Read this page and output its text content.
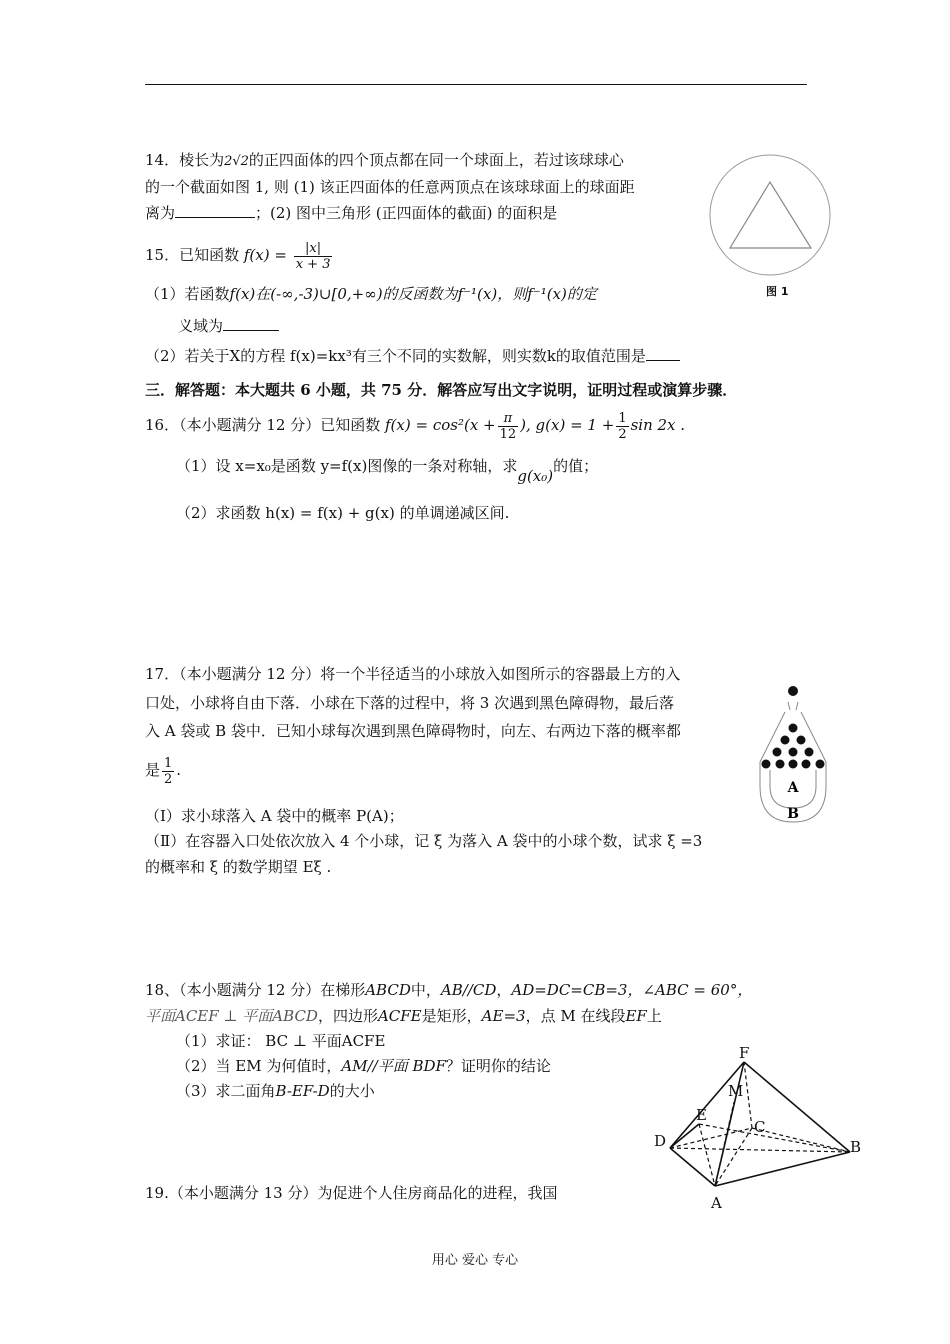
14．棱长为2√2的正四面体的四个顶点都在同一个球面上，若过该球球心
的一个截面如图 1, 则 (1) 该正四面体的任意两顶点在该球球面上的球面距
离为	；(2) 图中三角形 (正四面体的截面) 的面积是
图 1
15．已知函数 $f(x) = \frac{|x|}{x + 3}$
（1）若函数f(x)在(-∞,-3)∪[0,+∞)的反函数为f⁻¹(x)，则f⁻¹(x)的定
义域为
（2）若关于X的方程 f(x)=kx³有三个不同的实数解，则实数k的取值范围是
三．解答题：本大题共 6 小题，共 75 分．解答应写出文字说明，证明过程或演算步骤．
16．（本小题满分 12 分）已知函数 $f(x) = \cos^2(x + \frac{\pi}{12}$ ), $g(x) = 1 + \frac{1}{2}$ sin 2x .
（1）设 x=x₀是函数 y=f(x)图像的一条对称轴，求g(x₀)的值；
（2）求函数 h(x) = f(x) + g(x) 的单调递减区间.
17．（本小题满分 12 分）将一个半径适当的小球放入如图所示的容器最上方的入
口处，小球将自由下落．小球在下落的过程中，将 3 次遇到黑色障碍物，最后落
入 A 袋或 B 袋中．已知小球每次遇到黑色障碍物时，向左、右两边下落的概率都
是 $\frac{1}{2}$ .
（Ⅰ）求小球落入 A 袋中的概率 P(A)；
（Ⅱ）在容器入口处依次放入 4 个小球，记 ξ 为落入 A 袋中的小球个数，试求 ξ =3
的概率和 ξ 的数学期望 Eξ .
A
B
18、（本小题满分 12 分）在梯形ABCD中，AB//CD，AD=DC=CB=3，∠ABC = 60°，
平面ACEF ⊥ 平面ABCD，四边形ACFE是矩形，AE=3，点 M 在线段EF上
（1）求证： BC ⊥ 平面ACFE
（2）当 EM 为何值时，AM//平面 BDF？证明你的结论
（3）求二面角B-EF-D的大小
F
M
E
C
D	B
A
19.（本小题满分 13 分）为促进个人住房商品化的进程，我国
用心 爱心 专心
